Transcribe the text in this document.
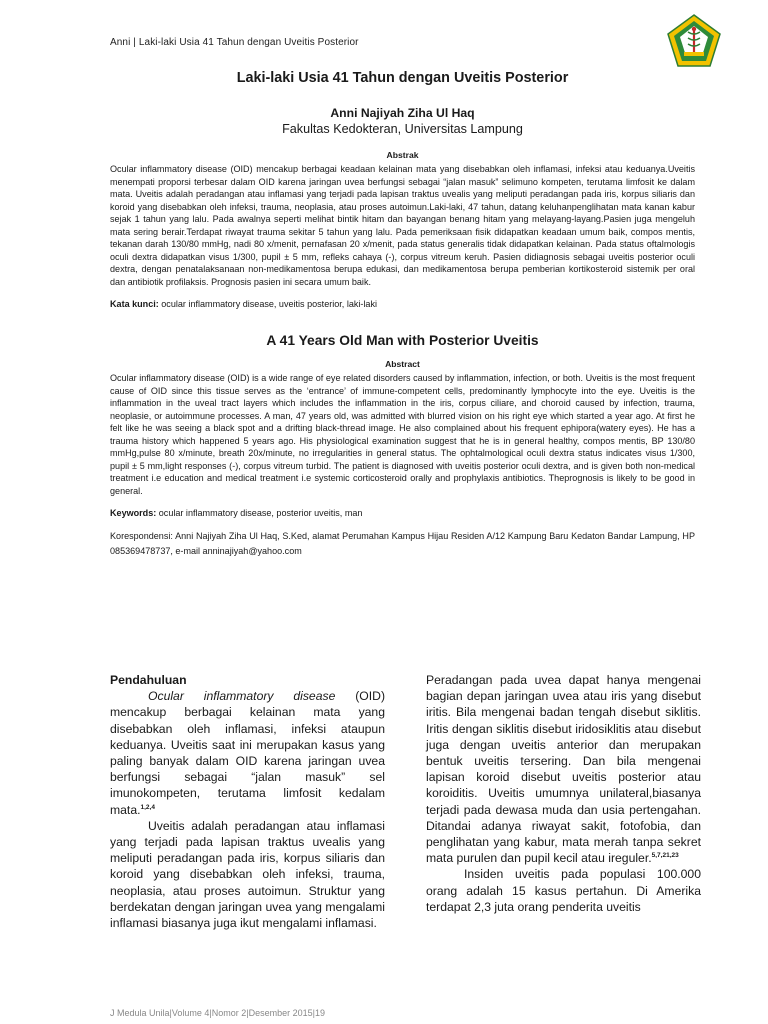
Anni | Laki-laki Usia 41 Tahun dengan Uveitis Posterior
Laki-laki Usia 41 Tahun dengan Uveitis Posterior

Anni Najiyah Ziha Ul Haq

Fakultas Kedokteran, Universitas Lampung

Abstrak

Ocular inflammatory disease (OID) mencakup berbagai keadaan kelainan mata yang disebabkan oleh inflamasi, infeksi atau keduanya.Uveitis menempati proporsi terbesar dalam OID karena jaringan uvea berfungsi sebagai “jalan masuk” selimuno kompeten, terutama limfosit ke dalam mata. Uveitis adalah peradangan atau inflamasi yang terjadi pada lapisan traktus uvealis yang meliputi peradangan pada iris, korpus siliaris dan koroid yang disebabkan oleh infeksi, trauma, neoplasia, atau proses autoimun.Laki-laki, 47 tahun, datang keluhanpenglihatan mata kanan kabur sejak 1 tahun yang lalu. Pada awalnya seperti melihat bintik hitam dan bayangan benang hitam yang melayang-layang.Pasien juga mengeluh mata sering berair.Terdapat riwayat trauma sekitar 5 tahun yang lalu. Pada pemeriksaan fisik didapatkan keadaan umum baik, compos mentis, tekanan darah 130/80 mmHg, nadi 80 x/menit, pernafasan 20 x/menit, pada status generalis tidak didapatkan kelainan. Pada status oftalmologis oculi dextra didapatkan visus 1/300, pupil ± 5 mm, refleks cahaya (-), corpus vitreum keruh. Pasien didiagnosis sebagai uveitis posterior oculi dextra, dengan penatalaksanaan non-medikamentosa berupa edukasi, dan medikamentosa berupa pemberian kortikosteroid sistemik per oral dan antibiotik profilaksis. Prognosis pasien ini secara umum baik.

Kata kunci: ocular inflammatory disease, uveitis posterior, laki-laki

A 41 Years Old Man with Posterior Uveitis

Abstract

Ocular inflammatory disease (OID) is a wide range of eye related disorders caused by inflammation, infection, or both. Uveitis is the most frequent cause of OID since this tissue serves as the ‘entrance’ of immune-competent cells, predominantly lymphocyte into the eye. Uveitis is the inflammation in the uveal tract layers which includes the inflammation in the iris, corpus ciliare, and choroid caused by infection, trauma, neoplasie, or autoimmune processes. A man, 47 years old, was admitted with blurred vision on his right eye which started a year ago. At first he felt like he was seeing a black spot and a drifting black-thread image. He also complained about his frequent ephipora(watery eyes). He has a trauma history which happened 5 years ago. His physiological examination suggest that he is in general healthy, compos mentis, BP 130/80 mmHg,pulse 80 x/minute, breath 20x/minute, no irregularities in general status. The ophtalmological oculi dextra status indicates visus 1/300, pupil ± 5 mm,light responses (-), corpus vitreum turbid. The patient is diagnosed with uveitis posterior oculi dextra, and is given both non-medical treatment i.e education and medical treatment i.e systemic corticosteroid orally and prophylaxis antibiotics. Theprognosis is likely to be good in general.

Keywords: ocular inflammatory disease, posterior uveitis, man

Korespondensi: Anni Najiyah Ziha Ul Haq, S.Ked, alamat Perumahan Kampus Hijau Residen A/12 Kampung Baru Kedaton Bandar Lampung, HP 085369478737, e-mail anninajiyah@yahoo.com

Pendahuluan

Ocular inflammatory disease (OID) mencakup berbagai kelainan mata yang disebabkan oleh inflamasi, infeksi ataupun keduanya. Uveitis saat ini merupakan kasus yang paling banyak dalam OID karena jaringan uvea berfungsi sebagai “jalan masuk” sel imunokompeten, terutama limfosit kedalam mata.$^{1,2,4}$

Uveitis adalah peradangan atau inflamasi yang terjadi pada lapisan traktus uvealis yang meliputi peradangan pada iris, korpus siliaris dan koroid yang disebabkan oleh infeksi, trauma, neoplasia, atau proses autoimun. Struktur yang berdekatan dengan jaringan uvea yang mengalami inflamasi biasanya juga ikut mengalami inflamasi.

Peradangan pada uvea dapat hanya mengenai bagian depan jaringan uvea atau iris yang disebut iritis. Bila mengenai badan tengah disebut siklitis. Iritis dengan siklitis disebut iridosiklitis atau disebut juga dengan uveitis anterior dan merupakan bentuk uveitis tersering. Dan bila mengenai lapisan koroid disebut uveitis posterior atau koroiditis. Uveitis umumnya unilateral,biasanya terjadi pada dewasa muda dan usia pertengahan. Ditandai adanya riwayat sakit, fotofobia, dan penglihatan yang kabur, mata merah tanpa sekret mata purulen dan pupil kecil atau ireguler.$^{5,7,21,23}$

Insiden uveitis pada populasi 100.000 orang adalah 15 kasus pertahun. Di Amerika terdapat 2,3 juta orang penderita uveitis

J Medula Unila|Volume 4|Nomor 2|Desember 2015|19
